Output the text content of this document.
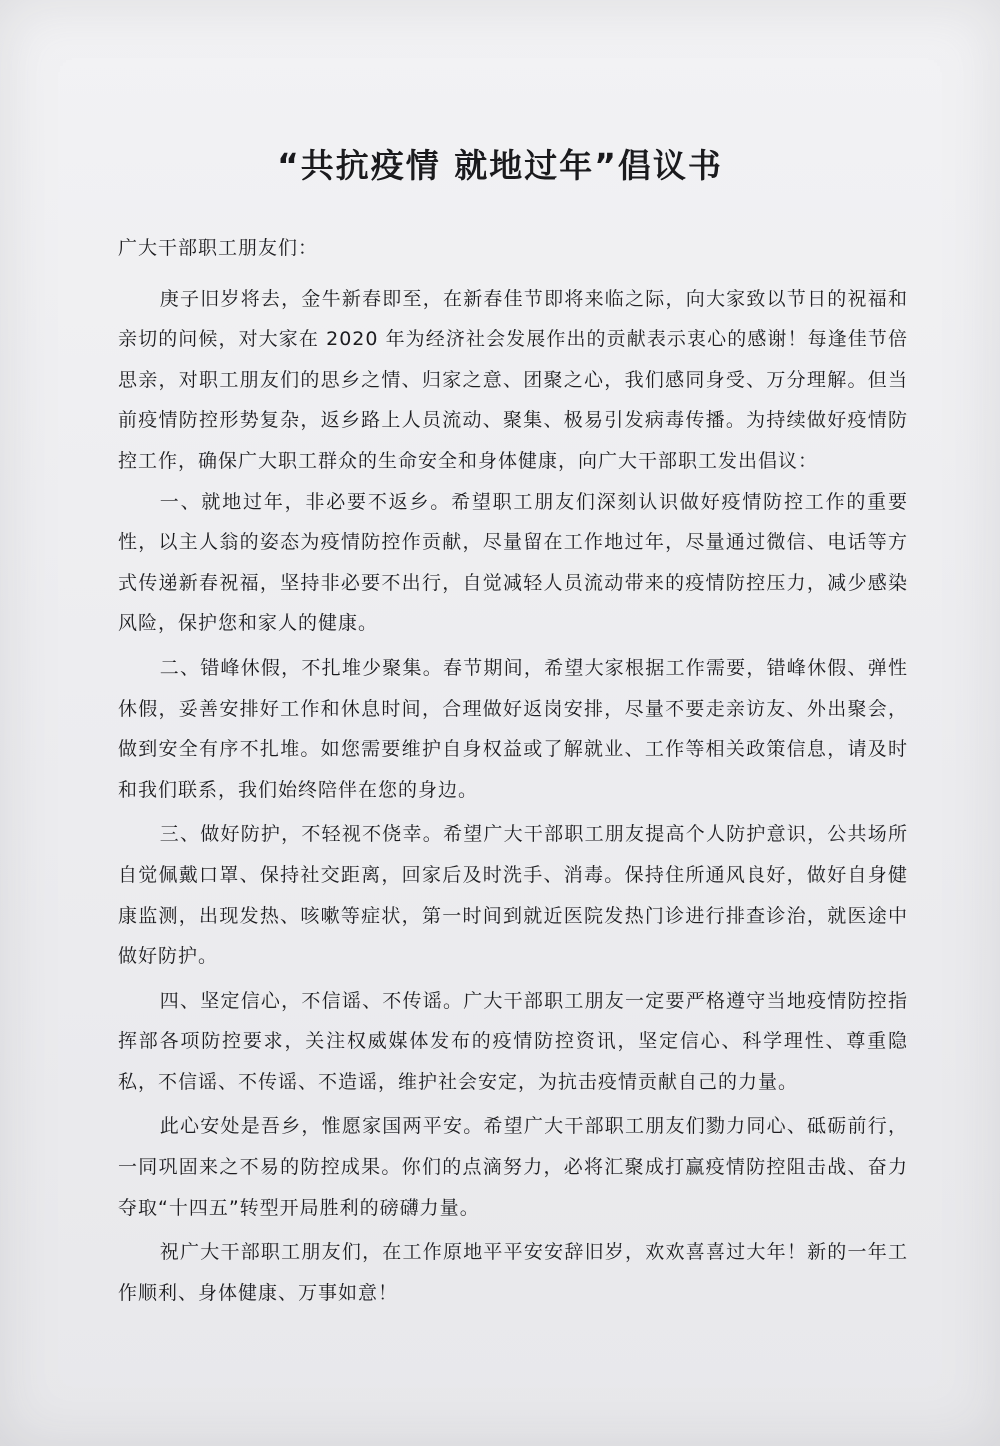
“共抗疫情 就地过年”倡议书

广大干部职工朋友们：

庚子旧岁将去，金牛新春即至，在新春佳节即将来临之际，向大家致以节日的祝福和亲切的问候，对大家在 2020 年为经济社会发展作出的贡献表示衷心的感谢！每逢佳节倍思亲，对职工朋友们的思乡之情、归家之意、团聚之心，我们感同身受、万分理解。但当前疫情防控形势复杂，返乡路上人员流动、聚集、极易引发病毒传播。为持续做好疫情防控工作，确保广大职工群众的生命安全和身体健康，向广大干部职工发出倡议：

一、就地过年，非必要不返乡。希望职工朋友们深刻认识做好疫情防控工作的重要性，以主人翁的姿态为疫情防控作贡献，尽量留在工作地过年，尽量通过微信、电话等方式传递新春祝福，坚持非必要不出行，自觉减轻人员流动带来的疫情防控压力，减少感染风险，保护您和家人的健康。

二、错峰休假，不扎堆少聚集。春节期间，希望大家根据工作需要，错峰休假、弹性休假，妥善安排好工作和休息时间，合理做好返岗安排，尽量不要走亲访友、外出聚会，做到安全有序不扎堆。如您需要维护自身权益或了解就业、工作等相关政策信息，请及时和我们联系，我们始终陪伴在您的身边。

三、做好防护，不轻视不侥幸。希望广大干部职工朋友提高个人防护意识，公共场所自觉佩戴口罩、保持社交距离，回家后及时洗手、消毒。保持住所通风良好，做好自身健康监测，出现发热、咳嗽等症状，第一时间到就近医院发热门诊进行排查诊治，就医途中做好防护。

四、坚定信心，不信谣、不传谣。广大干部职工朋友一定要严格遵守当地疫情防控指挥部各项防控要求，关注权威媒体发布的疫情防控资讯，坚定信心、科学理性、尊重隐私，不信谣、不传谣、不造谣，维护社会安定，为抗击疫情贡献自己的力量。

此心安处是吾乡，惟愿家国两平安。希望广大干部职工朋友们勠力同心、砥砺前行，一同巩固来之不易的防控成果。你们的点滴努力，必将汇聚成打赢疫情防控阻击战、奋力夺取“十四五”转型开局胜利的磅礴力量。

祝广大干部职工朋友们，在工作原地平平安安辞旧岁，欢欢喜喜过大年！新的一年工作顺利、身体健康、万事如意！
